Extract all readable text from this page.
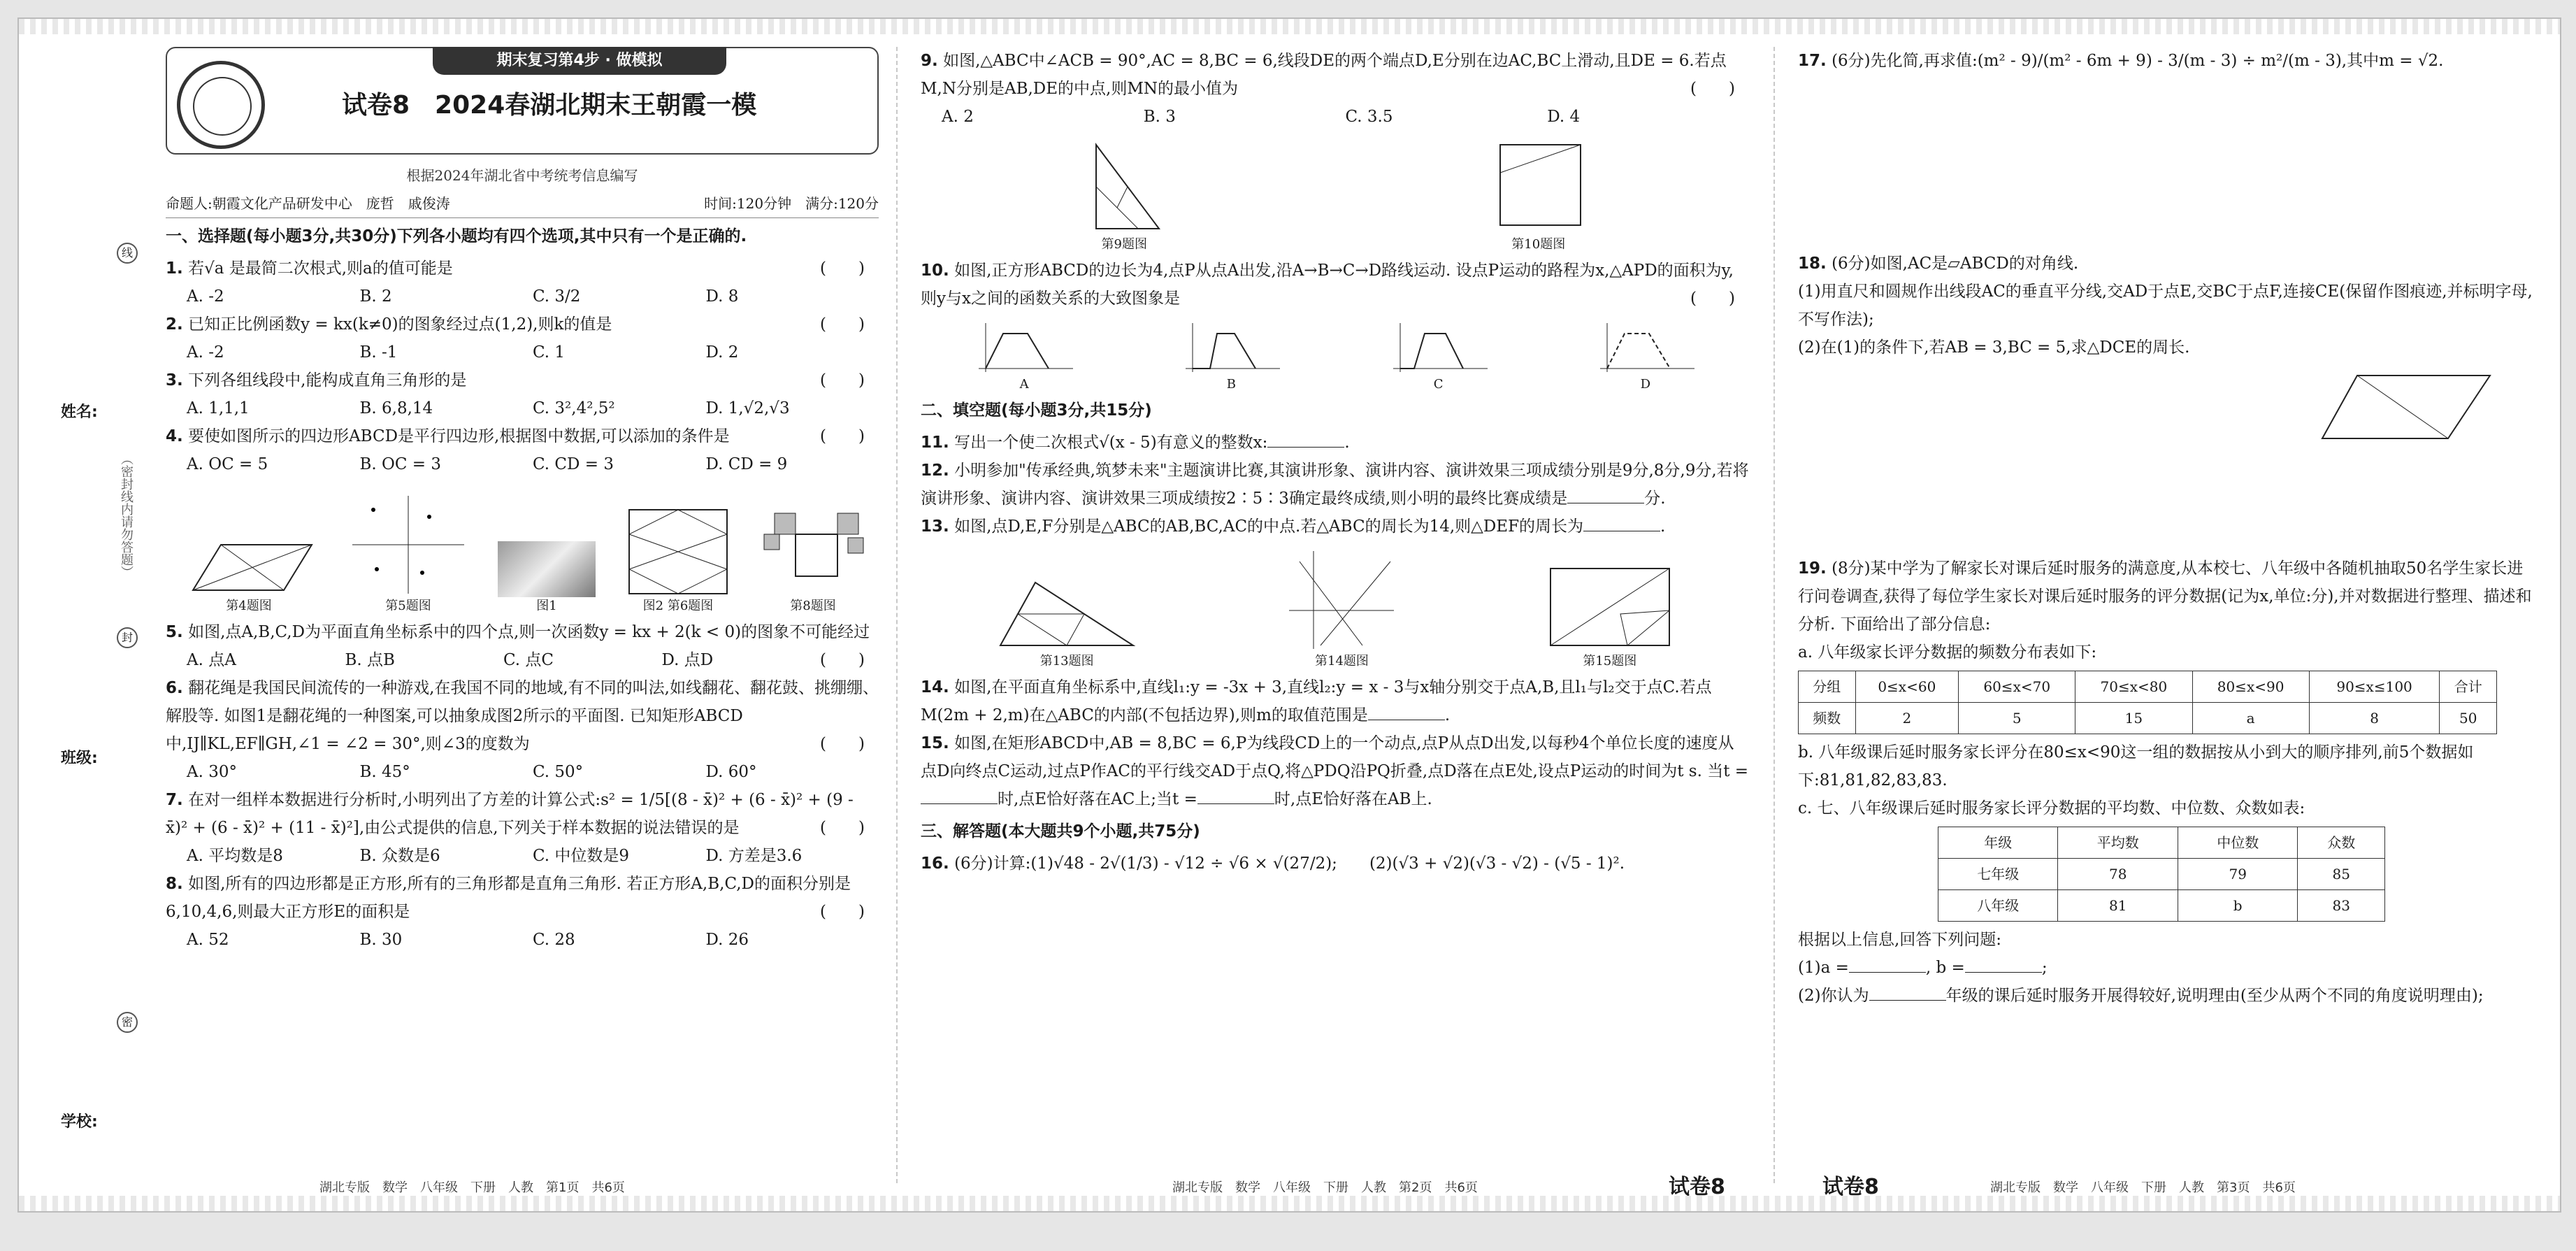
姓名:
班级:
学校:
（密封线内请勿答题）
线
封
密
期末复习第4步 · 做模拟
试卷8　2024春湖北期末王朝霞一模
根据2024年湖北省中考统考信息编写
命题人:朝霞文化产品研发中心　庞哲　戚俊涛	时间:120分钟　满分:120分

一、选择题(每小题3分,共30分)下列各小题均有四个选项,其中只有一个是正确的.

1. 若√a 是最简二次根式,则a的值可能是	(　　)

A. -2	B. 2	C. 3/2	D. 8

2. 已知正比例函数y = kx(k≠0)的图象经过点(1,2),则k的值是	(　　)

A. -2	B. -1	C. 1	D. 2

3. 下列各组线段中,能构成直角三角形的是	(　　)

A. 1,1,1	B. 6,8,14	C. 3²,4²,5²	D. 1,√2,√3

4. 要使如图所示的四边形ABCD是平行四边形,根据图中数据,可以添加的条件是	(　　)

A. OC = 5	B. OC = 3	C. CD = 3	D. CD = 9
第4题图	第5题图	图1	图2 第6题图	第8题图

5. 如图,点A,B,C,D为平面直角坐标系中的四个点,则一次函数y = kx + 2(k < 0)的图象不可能经过
(　　)

A. 点A	B. 点B	C. 点C	D. 点D

6. 翻花绳是我国民间流传的一种游戏,在我国不同的地域,有不同的叫法,如线翻花、翻花鼓、挑绷绷、解股等. 如图1是翻花绳的一种图案,可以抽象成图2所示的平面图. 已知矩形ABCD中,IJ∥KL,EF∥GH,∠1 = ∠2 = 30°,则∠3的度数为	(　　)

A. 30°	B. 45°	C. 50°	D. 60°

7. 在对一组样本数据进行分析时,小明列出了方差的计算公式:s² = 1/5[(8 - x̄)² + (6 - x̄)² + (9 - x̄)² + (6 - x̄)² + (11 - x̄)²],由公式提供的信息,下列关于样本数据的说法错误的是	(　　)

A. 平均数是8	B. 众数是6	C. 中位数是9	D. 方差是3.6

8. 如图,所有的四边形都是正方形,所有的三角形都是直角三角形. 若正方形A,B,C,D的面积分别是6,10,4,6,则最大正方形E的面积是	(　　)

A. 52	B. 30	C. 28	D. 26

9. 如图,△ABC中∠ACB = 90°,AC = 8,BC = 6,线段DE的两个端点D,E分别在边AC,BC上滑动,且DE = 6.若点M,N分别是AB,DE的中点,则MN的最小值为	(　　)

A. 2	B. 3	C. 3.5	D. 4
第9题图	第10题图

10. 如图,正方形ABCD的边长为4,点P从点A出发,沿A→B→C→D路线运动. 设点P运动的路程为x,△APD的面积为y,则y与x之间的函数关系的大致图象是	(　　)

A	B	C	D

二、填空题(每小题3分,共15分)

11. 写出一个使二次根式√(x - 5)有意义的整数x:	.

12. 小明参加"传承经典,筑梦未来"主题演讲比赛,其演讲形象、演讲内容、演讲效果三项成绩分别是9分,8分,9分,若将演讲形象、演讲内容、演讲效果三项成绩按2∶5∶3确定最终成绩,则小明的最终比赛成绩是	分.

13. 如图,点D,E,F分别是△ABC的AB,BC,AC的中点.若△ABC的周长为14,则△DEF的周长为	.

第13题图	第14题图	第15题图

14. 如图,在平面直角坐标系中,直线l₁:y = -3x + 3,直线l₂:y = x - 3与x轴分别交于点A,B,且l₁与l₂交于点C.若点M(2m + 2,m)在△ABC的内部(不包括边界),则m的取值范围是	.

15. 如图,在矩形ABCD中,AB = 8,BC = 6,P为线段CD上的一个动点,点P从点D出发,以每秒4个单位长度的速度从点D向终点C运动,过点P作AC的平行线交AD于点Q,将△PDQ沿PQ折叠,点D落在点E处,设点P运动的时间为t s. 当t =时,点E恰好落在AC上;当t =	时,点E恰好落在AB上.

三、解答题(本大题共9个小题,共75分)

16. (6分)计算:(1)√48 - 2√(1/3) - √12 ÷ √6 × √(27/2);　　 (2)(√3 + √2)(√3 - √2) - (√5 - 1)².

17. (6分)先化简,再求值:(m² - 9)/(m² - 6m + 9) - 3/(m - 3) ÷ m²/(m - 3),其中m = √2.

18. (6分)如图,AC是▱ABCD的对角线.

(1)用直尺和圆规作出线段AC的垂直平分线,交AD于点E,交BC于点F,连接CE(保留作图痕迹,并标明字母,不写作法);

(2)在(1)的条件下,若AB = 3,BC = 5,求△DCE的周长.

19. (8分)某中学为了解家长对课后延时服务的满意度,从本校七、八年级中各随机抽取50名学生家长进行问卷调查,获得了每位学生家长对课后延时服务的评分数据(记为x,单位:分),并对数据进行整理、描述和分析. 下面给出了部分信息:

a. 八年级家长评分数据的频数分布表如下:

分组	0≤x<60	60≤x<70	70≤x<80	80≤x<90	90≤x≤100	合计
频数	2	5	15	a	8	50

b. 八年级课后延时服务家长评分在80≤x<90这一组的数据按从小到大的顺序排列,前5个数据如下:81,81,82,83,83.

c. 七、八年级课后延时服务家长评分数据的平均数、中位数、众数如表:

年级	平均数	中位数	众数
七年级	78	79	85
八年级	81	b	83

根据以上信息,回答下列问题:

(1)a =	, b =	;

(2)你认为	年级的课后延时服务开展得较好,说明理由(至少从两个不同的角度说明理由);

湖北专版　数学　八年级　下册　人教　第1页　共6页	湖北专版　数学　八年级　下册　人教　第2页　共6页	试卷8	试卷8	湖北专版　数学　八年级　下册　人教　第3页　共6页
